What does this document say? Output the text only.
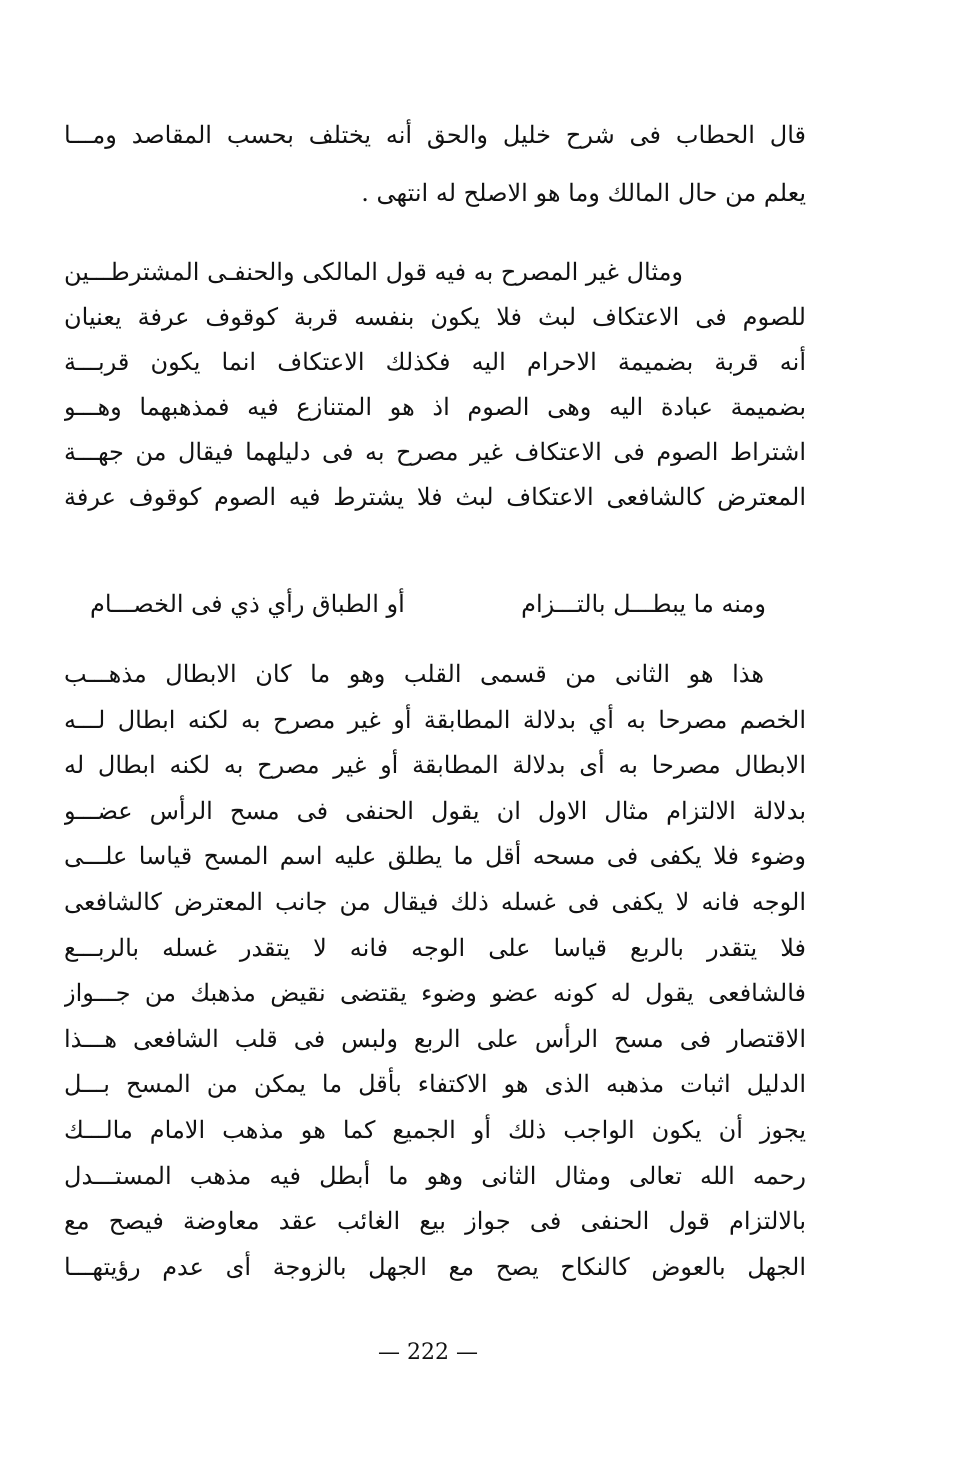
قال الحطاب فى شرح خليل والحق أنه يختلف بحسب المقاصد ومـــا
يعلم من حال المالك وما هو الاصلح له انتهى .
ومثال غير المصرح به فيه قول المالكى والحنفـى المشترطـــين
للصوم فى الاعتكاف لبث فلا يكون بنفسه قربة كوقوف عرفة يعنيان
أنه قربة بضميمة الاحرام اليه فكذلك الاعتكاف انما يكون قربـــة
بضميمة عبادة اليه وهى الصوم اذ هو المتنازع فيه فمذهبهما وهـــو
اشتراط الصوم فى الاعتكاف غير مصرح به فى دليلهما فيقال من جهـــة
المعترض كالشافعى الاعتكاف لبث فلا يشترط فيه الصوم كوقوف عرفة
ومنه ما يبطـــل بالتـــزام
أو الطباق رأي ذي فى الخصـــام
هذا هو الثانى من قسمى القلب وهو ما كان الابطال مذهـــب
الخصم مصرحا به أي بدلالة المطابقة أو غير مصرح به لكنه ابطال لـــه
الابطال مصرحا به أى بدلالة المطابقة أو غير مصرح به لكنه ابطال له
بدلالة الالتزام مثال الاول ان يقول الحنفى فى مسح الرأس عضـــو
وضوء فلا يكفى فى مسحه أقل ما يطلق عليه اسم المسح قياسا علـــى
الوجه فانه لا يكفى فى غسله ذلك فيقال من جانب المعترض كالشافعى
فلا يتقدر بالربع قياسا على الوجه فانه لا يتقدر غسله بالربـــع
فالشافعى يقول له كونه عضو وضوء يقتضى نقيض مذهبك من جـــواز
الاقتصار فى مسح الرأس على الربع ولبس فى قلب الشافعى هـــذا
الدليل اثبات مذهبه الذى هو الاكتفاء بأقل ما يمكن من المسح بـــل
يجوز أن يكون الواجب ذلك أو الجميع كما هو مذهب الامام مالـــك
رحمه الله تعالى ومثال الثانى وهو ما أبطل فيه مذهب المستـــدل
بالالتزام قول الحنفى فى جواز بيع الغائب عقد معاوضة فيصح مع
الجهل بالعوض كالنكاح يصح مع الجهل بالزوجة أى عدم رؤيتهـــا
— 222 —
